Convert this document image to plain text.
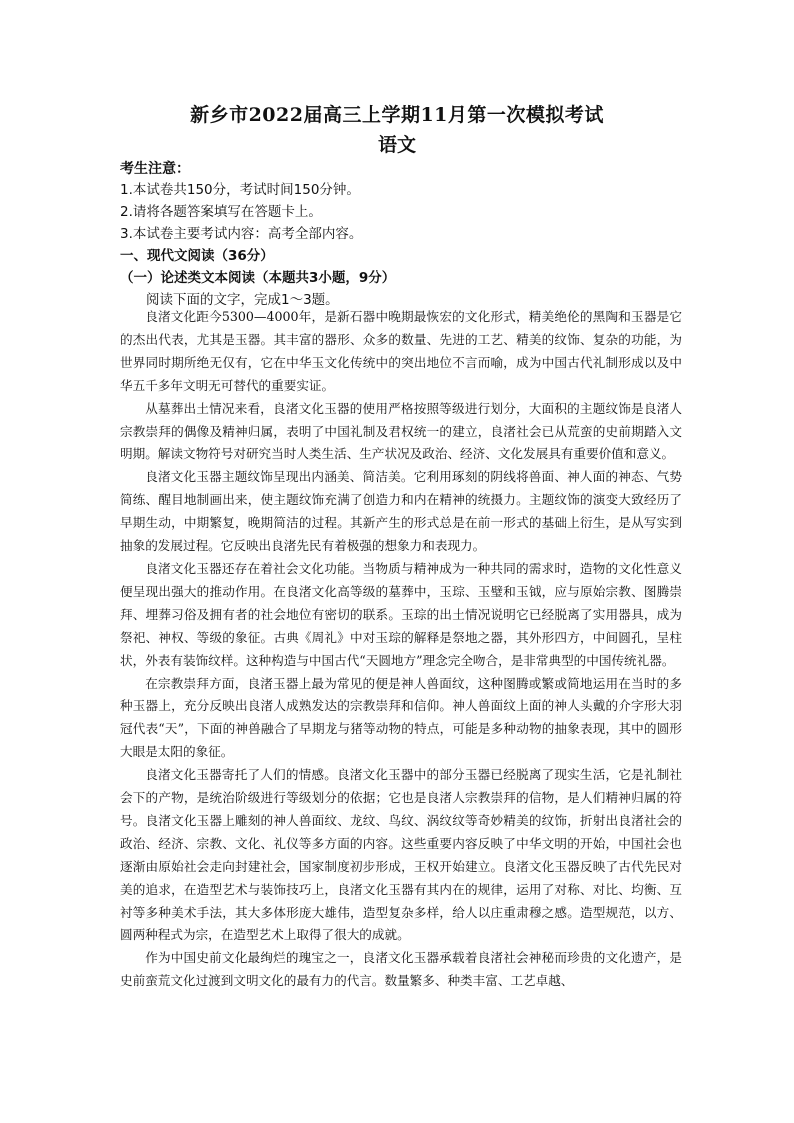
新乡市2022届高三上学期11月第一次模拟考试
语文
考生注意：
1.本试卷共150分，考试时间150分钟。
2.请将各题答案填写在答题卡上。
3.本试卷主要考试内容：高考全部内容。
一、现代文阅读（36分）
（一）论述类文本阅读（本题共3小题，9分）
阅读下面的文字，完成1～3题。

良渚文化距今5300—4000年，是新石器中晚期最恢宏的文化形式，精美绝伦的黑陶和玉器是它的杰出代表，尤其是玉器。其丰富的器形、众多的数量、先进的工艺、精美的纹饰、复杂的功能，为世界同时期所绝无仅有，它在中华玉文化传统中的突出地位不言而喻，成为中国古代礼制形成以及中华五千多年文明无可替代的重要实证。

从墓葬出土情况来看，良渚文化玉器的使用严格按照等级进行划分，大面积的主题纹饰是良渚人宗教崇拜的偶像及精神归属，表明了中国礼制及君权统一的建立，良渚社会已从荒蛮的史前期踏入文明期。解读文物符号对研究当时人类生活、生产状况及政治、经济、文化发展具有重要价值和意义。

良渚文化玉器主题纹饰呈现出内涵美、简洁美。它利用琢刻的阴线将兽面、神人面的神态、气势简练、醒目地制画出来，使主题纹饰充满了创造力和内在精神的统摄力。主题纹饰的演变大致经历了早期生动，中期繁复，晚期简洁的过程。其新产生的形式总是在前一形式的基础上衍生，是从写实到抽象的发展过程。它反映出良渚先民有着极强的想象力和表现力。

良渚文化玉器还存在着社会文化功能。当物质与精神成为一种共同的需求时，造物的文化性意义便呈现出强大的推动作用。在良渚文化高等级的墓葬中，玉琮、玉璧和玉钺，应与原始宗教、图腾崇拜、埋葬习俗及拥有者的社会地位有密切的联系。玉琮的出土情况说明它已经脱离了实用器具，成为祭祀、神权、等级的象征。古典《周礼》中对玉琮的解释是祭地之器，其外形四方，中间圆孔，呈柱状，外表有装饰纹样。这种构造与中国古代“天圆地方”理念完全吻合，是非常典型的中国传统礼器。

在宗教崇拜方面，良渚玉器上最为常见的便是神人兽面纹，这种图腾或繁或简地运用在当时的多种玉器上，充分反映出良渚人成熟发达的宗教崇拜和信仰。神人兽面纹上面的神人头戴的介字形大羽冠代表“天”，下面的神兽融合了早期龙与猪等动物的特点，可能是多种动物的抽象表现，其中的圆形大眼是太阳的象征。

良渚文化玉器寄托了人们的情感。良渚文化玉器中的部分玉器已经脱离了现实生活，它是礼制社会下的产物，是统治阶级进行等级划分的依据；它也是良渚人宗教崇拜的信物，是人们精神归属的符号。良渚文化玉器上雕刻的神人兽面纹、龙纹、鸟纹、涡纹纹等奇妙精美的纹饰，折射出良渚社会的政治、经济、宗教、文化、礼仪等多方面的内容。这些重要内容反映了中华文明的开始，中国社会也逐渐由原始社会走向封建社会，国家制度初步形成，王权开始建立。良渚文化玉器反映了古代先民对美的追求，在造型艺术与装饰技巧上，良渚文化玉器有其内在的规律，运用了对称、对比、均衡、互衬等多种美术手法，其大多体形庞大雄伟，造型复杂多样，给人以庄重肃穆之感。造型规范，以方、圆两种程式为宗，在造型艺术上取得了很大的成就。

作为中国史前文化最绚烂的瑰宝之一，良渚文化玉器承载着良渚社会神秘而珍贵的文化遗产，是史前蛮荒文化过渡到文明文化的最有力的代言。数量繁多、种类丰富、工艺卓越、
